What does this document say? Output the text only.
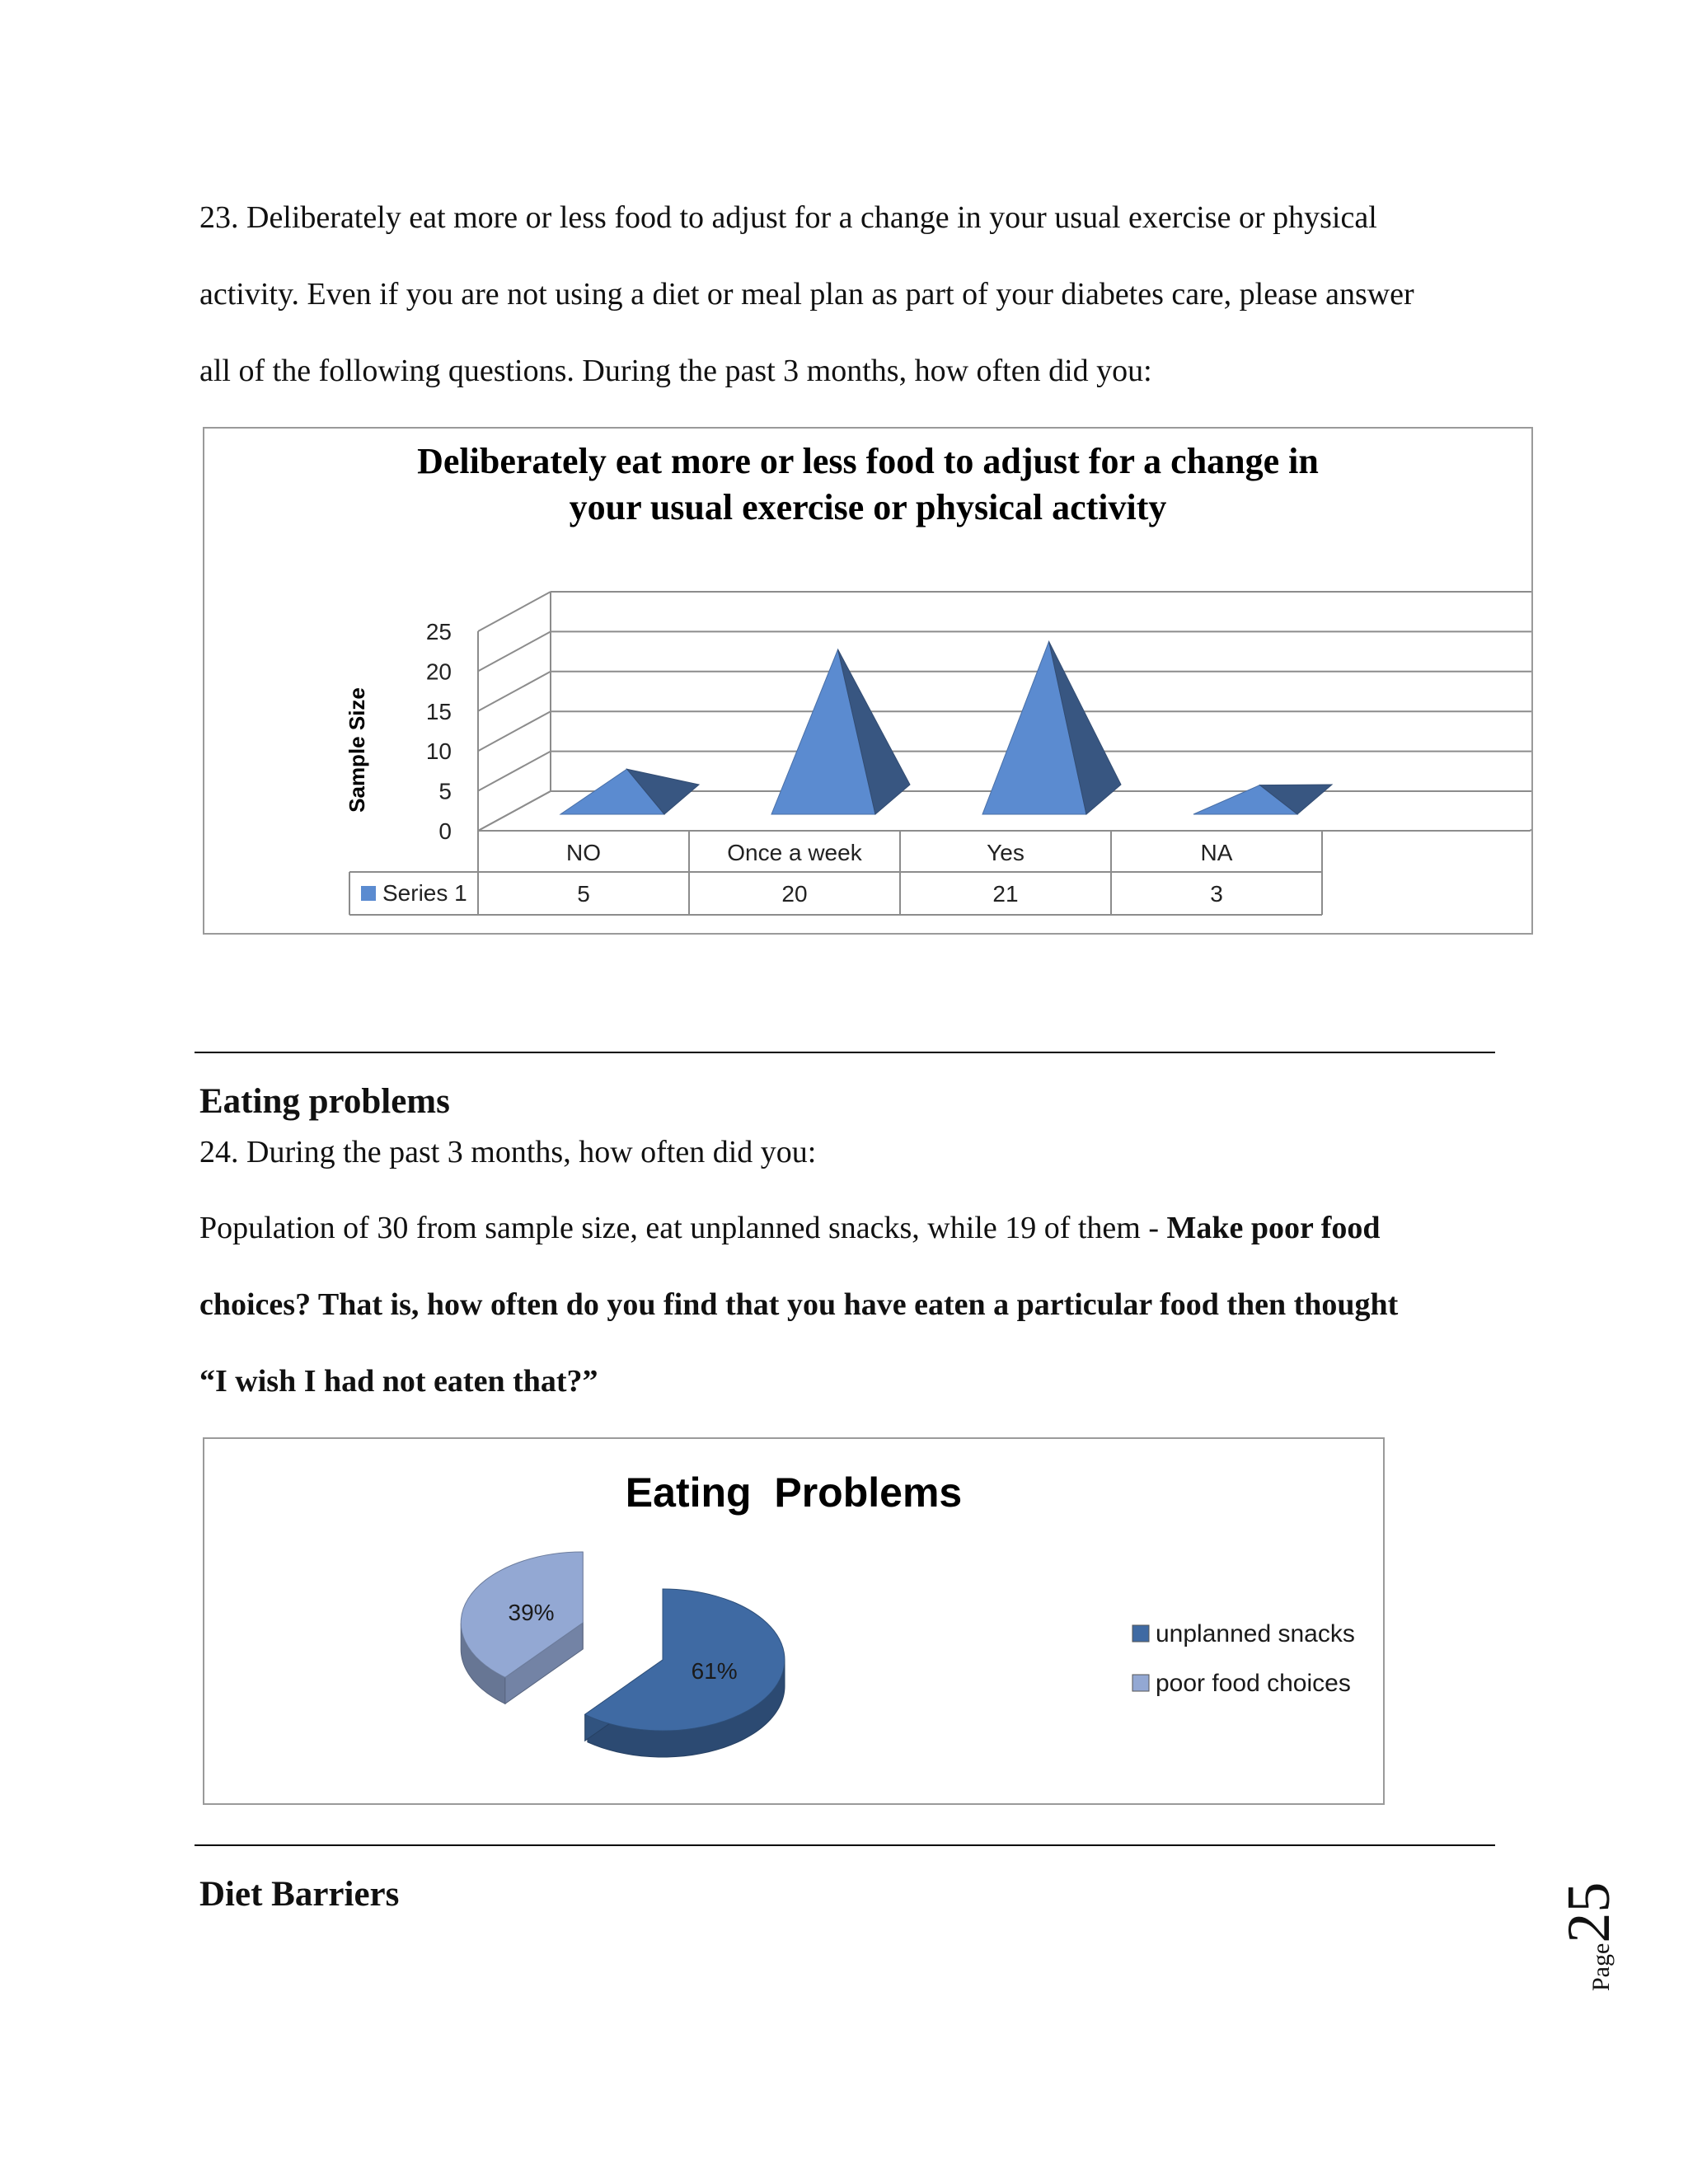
23. Deliberately eat more or less food to adjust for a change in your usual exercise or physical

activity. Even if you are not using a diet or meal plan as part of your diabetes care, please answer

all of the following questions. During the past 3 months, how often did you:

Deliberately eat more or less food to adjust for a change in
your usual exercise or physical activity
Sample Size
0
5
10
15
20
25
Series 1
NO
5
Once a week
20
Yes
21
NA
3

Eating problems

24. During the past 3 months, how often did you:

Population of 30 from sample size, eat unplanned snacks, while 19 of them - Make poor food

choices? That is, how often do you find that you have eaten a particular food then thought

“I wish I had not eaten that?”

Eating  Problems
39%
61%
unplanned snacks
poor food choices

Diet Barriers

Page25
